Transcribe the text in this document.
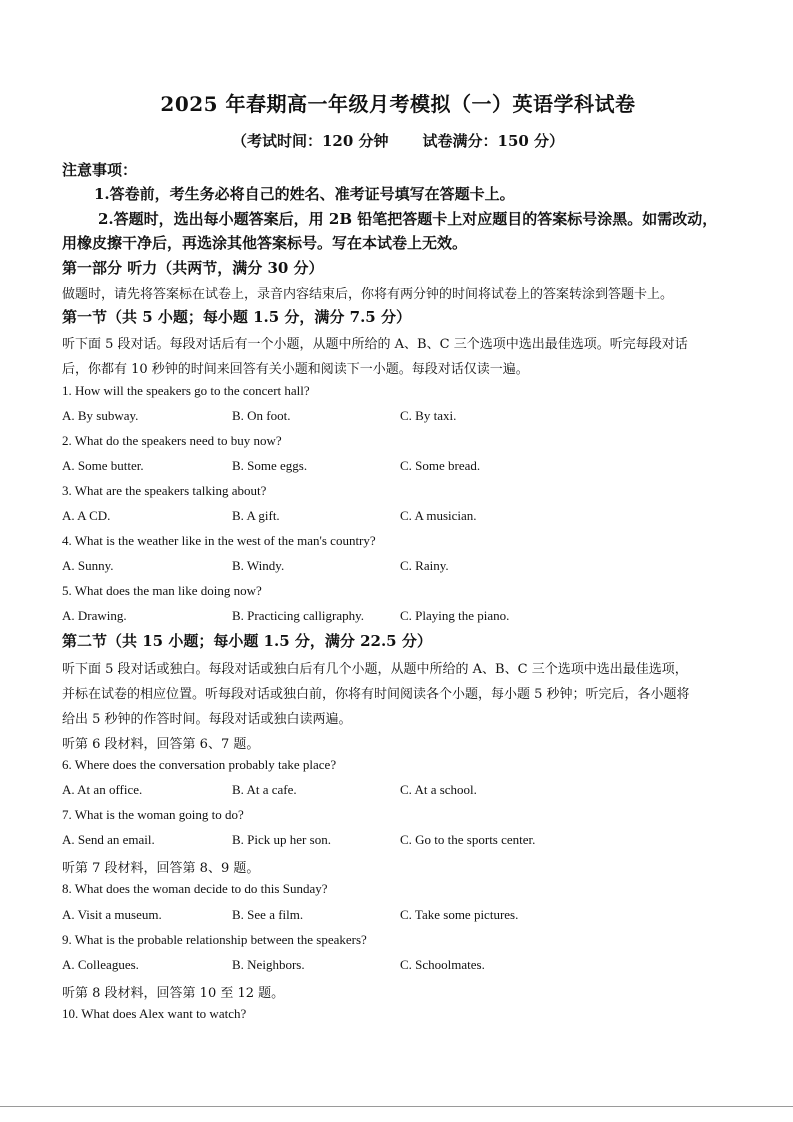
2025 年春期高一年级月考模拟（一）英语学科试卷
（考试时间：120 分钟 试卷满分：150 分）
注意事项：
1.答卷前，考生务必将自己的姓名、准考证号填写在答题卡上。
2.答题时，选出每小题答案后，用 2B 铅笔把答题卡上对应题目的答案标号涂黑。如需改动，
用橡皮擦干净后，再选涂其他答案标号。写在本试卷上无效。
第一部分 听力（共两节，满分 30 分）
做题时，请先将答案标在试卷上，录音内容结束后，你将有两分钟的时间将试卷上的答案转涂到答题卡上。
第一节（共 5 小题；每小题 1.5 分，满分 7.5 分）
听下面 5 段对话。每段对话后有一个小题，从题中所给的 A、B、C 三个选项中选出最佳选项。听完每段对话
后，你都有 10 秒钟的时间来回答有关小题和阅读下一小题。每段对话仅读一遍。
1. How will the speakers go to the concert hall?
A. By subway.	B. On foot.	C. By taxi.
2. What do the speakers need to buy now?
A. Some butter.	B. Some eggs.	C. Some bread.
3. What are the speakers talking about?
A. A CD.	B. A gift.	C. A musician.
4. What is the weather like in the west of the man's country?
A. Sunny.	B. Windy.	C. Rainy.
5. What does the man like doing now?
A. Drawing.	B. Practicing calligraphy.	C. Playing the piano.
第二节（共 15 小题；每小题 1.5 分，满分 22.5 分）
听下面 5 段对话或独白。每段对话或独白后有几个小题，从题中所给的 A、B、C 三个选项中选出最佳选项，
并标在试卷的相应位置。听每段对话或独白前，你将有时间阅读各个小题，每小题 5 秒钟；听完后，各小题将
给出 5 秒钟的作答时间。每段对话或独白读两遍。
听第 6 段材料，回答第 6、7 题。
6. Where does the conversation probably take place?
A. At an office.	B. At a cafe.	C. At a school.
7. What is the woman going to do?
A. Send an email.	B. Pick up her son.	C. Go to the sports center.
听第 7 段材料，回答第 8、9 题。
8. What does the woman decide to do this Sunday?
A. Visit a museum.	B. See a film.	C. Take some pictures.
9. What is the probable relationship between the speakers?
A. Colleagues.	B. Neighbors.	C. Schoolmates.
听第 8 段材料，回答第 10 至 12 题。
10. What does Alex want to watch?
